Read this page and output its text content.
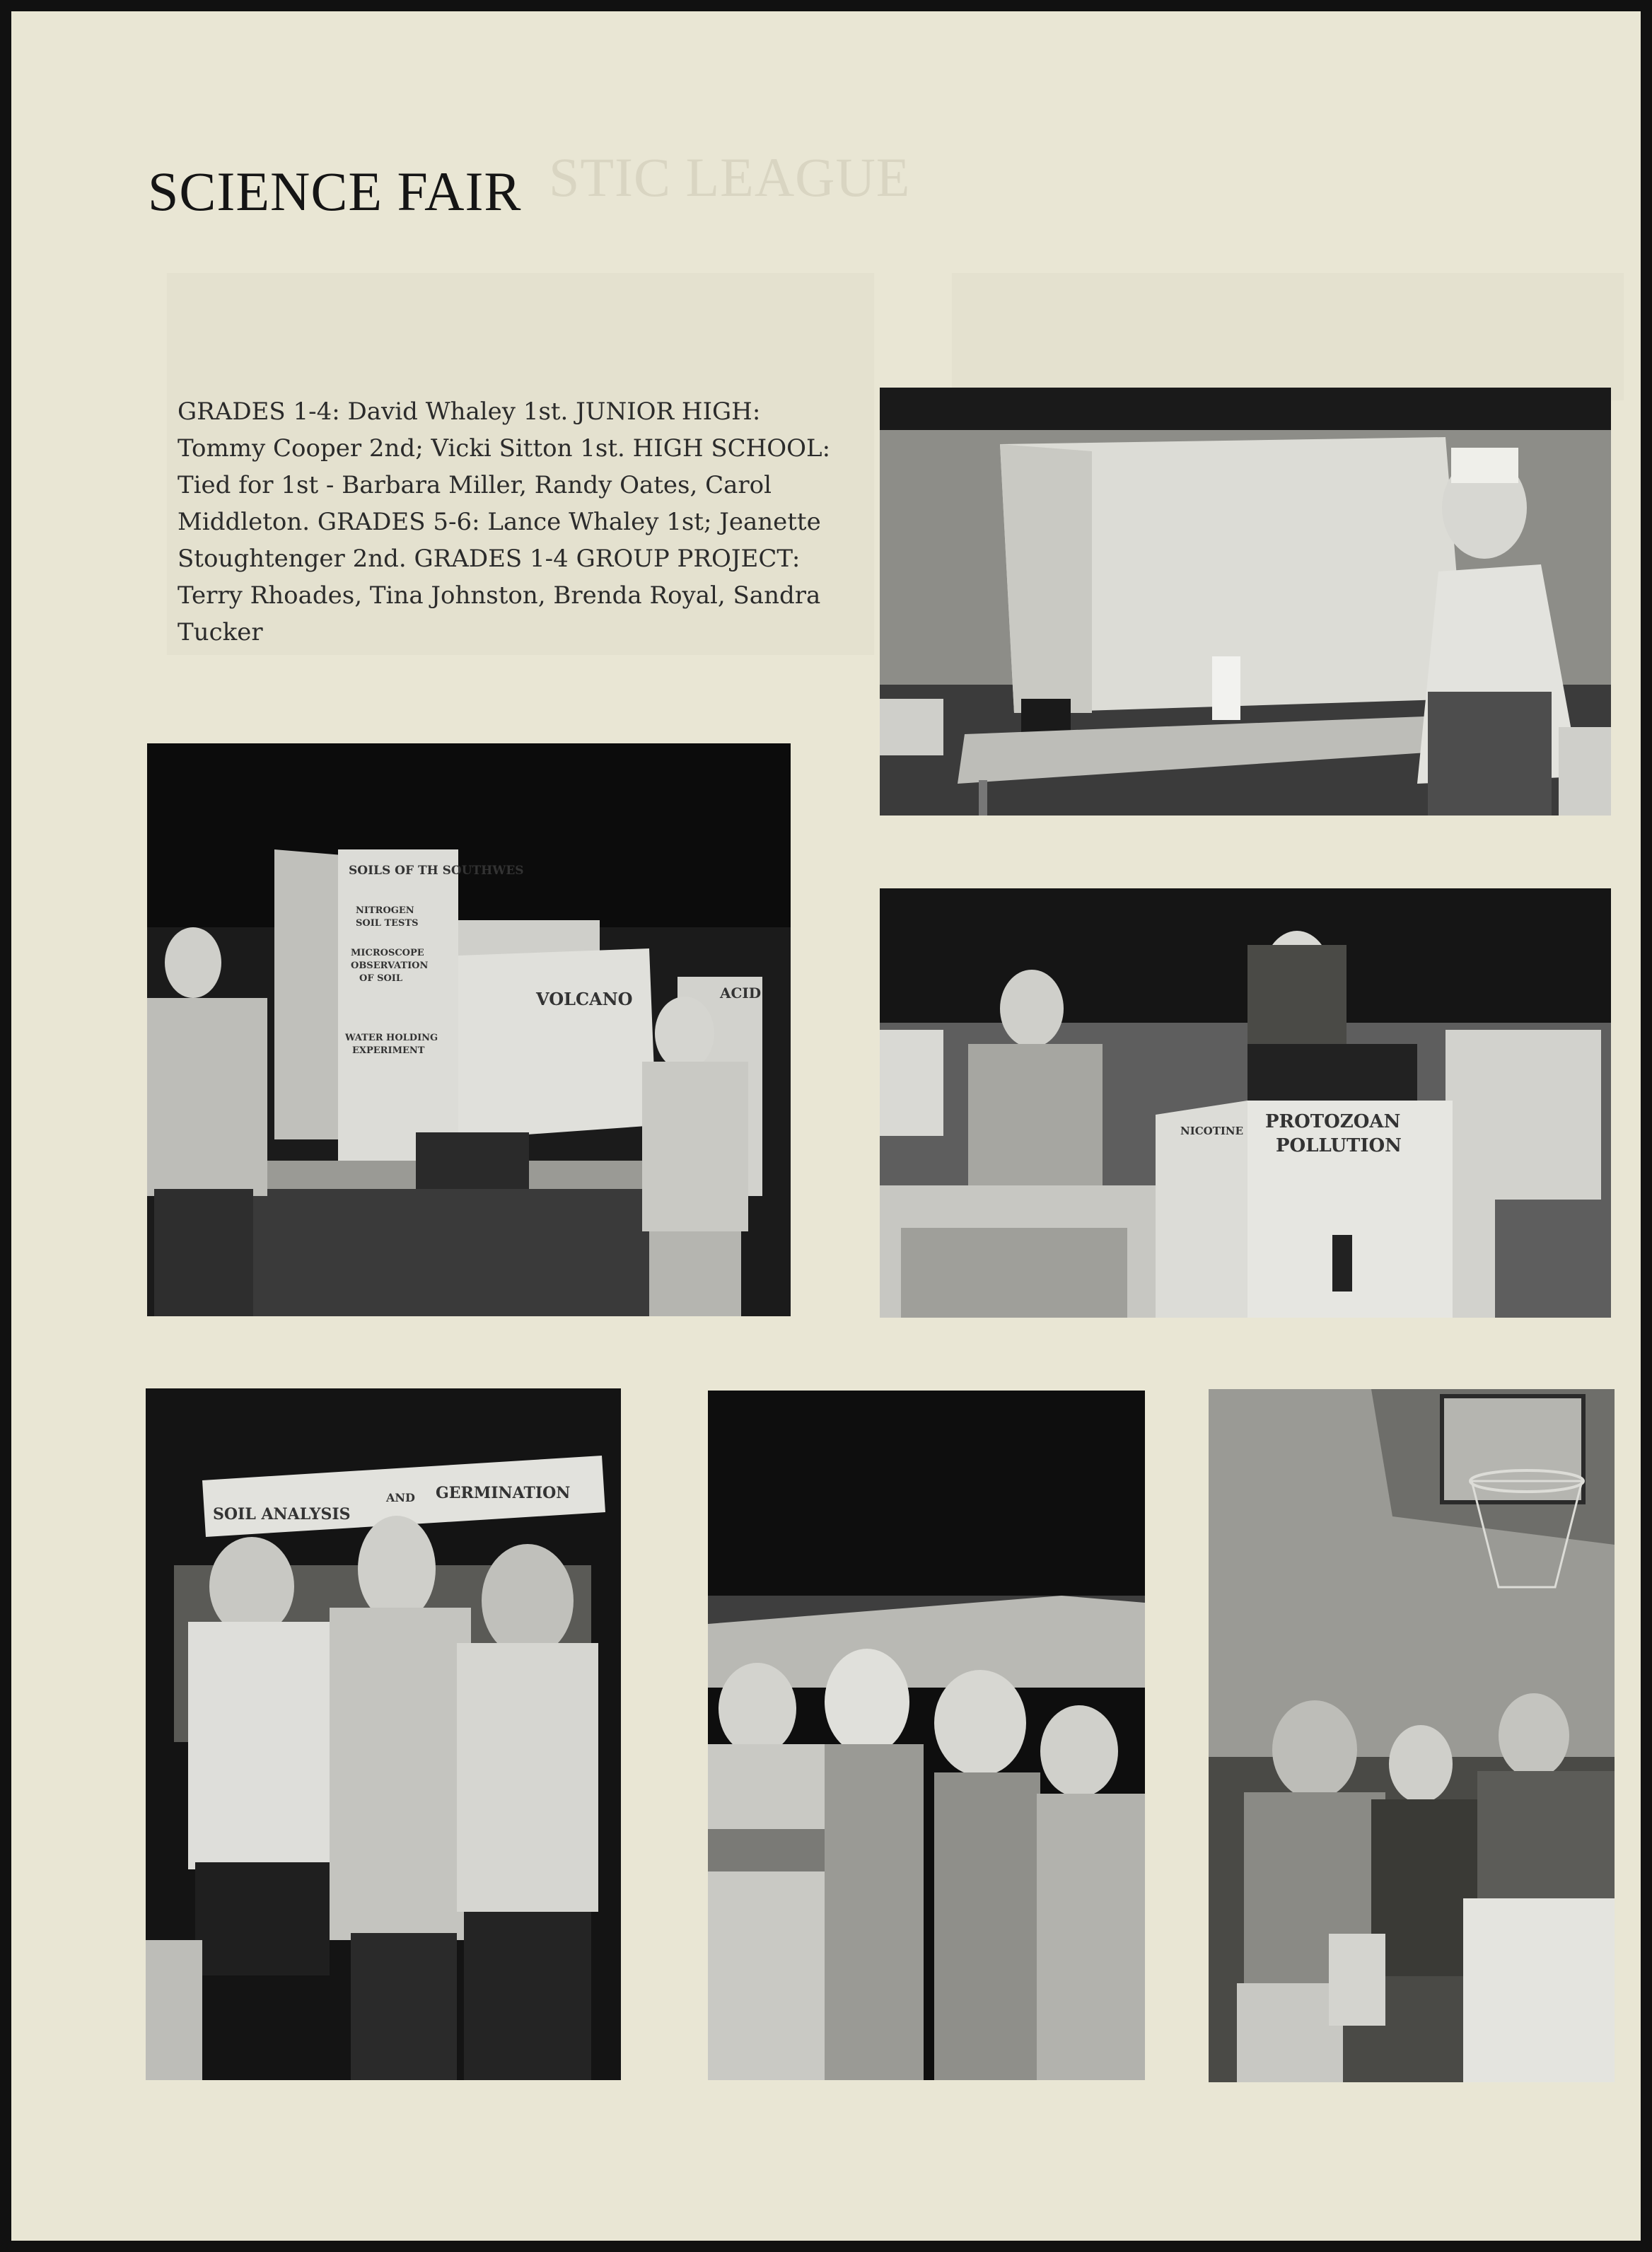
STIC LEAGUE
SCIENCE FAIR

GRADES 1-4: David Whaley 1st. JUNIOR HIGH: Tommy Cooper 2nd; Vicki Sitton 1st. HIGH SCHOOL: Tied for 1st - Barbara Miller, Randy Oates, Carol Middleton. GRADES 5-6: Lance Whaley 1st; Jeanette Stoughtenger 2nd. GRADES 1-4 GROUP PROJECT: Terry Rhoades, Tina Johnston, Brenda Royal, Sandra Tucker

SOILS OF TH SOUTHWES
NITROGEN
SOIL TESTS
MICROSCOPE
OBSERVATION
OF SOIL
WATER HOLDING
EXPERIMENT
VOLCANO	ACID
NICOTINE PROTOZOAN
POLLUTION
SOIL ANALYSIS
AND GERMINATION
